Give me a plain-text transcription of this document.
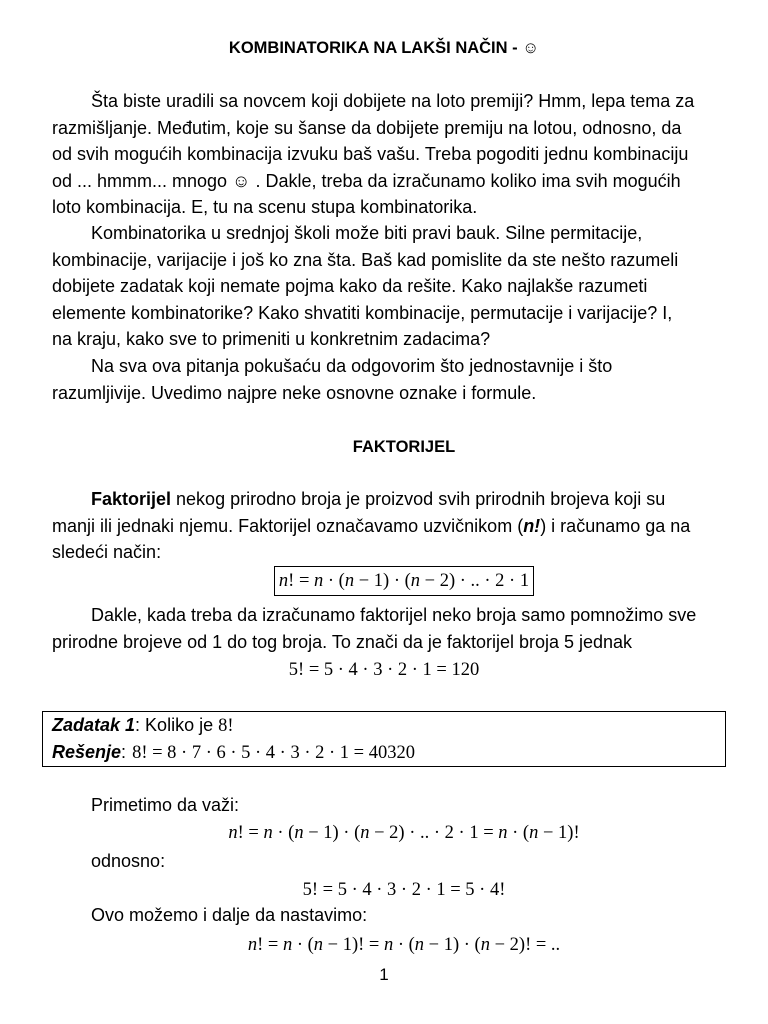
KOMBINATORIKA NA LAKŠI NAČIN - ☺
Šta biste uradili sa novcem koji dobijete na loto premiji? Hmm, lepa tema za
razmišljanje. Međutim, koje su šanse da dobijete premiju na lotou, odnosno, da
od svih mogućih kombinacija izvuku baš vašu. Treba pogoditi jednu kombinaciju
od ... hmmm... mnogo ☺ . Dakle, treba da izračunamo koliko ima svih mogućih
loto kombinacija. E, tu na scenu stupa kombinatorika.
Kombinatorika u srednjoj školi može biti pravi bauk. Silne permitacije,
kombinacije, varijacije i još ko zna šta. Baš kad pomislite da ste nešto razumeli
dobijete zadatak koji nemate pojma kako da rešite. Kako najlakše razumeti
elemente kombinatorike? Kako shvatiti kombinacije, permutacije i varijacije? I,
na kraju, kako sve to primeniti u konkretnim zadacima?
Na sva ova pitanja pokušaću da odgovorim što jednostavnije i što
razumljivije. Uvedimo najpre neke osnovne oznake i formule.
FAKTORIJEL
Faktorijel nekog prirodno broja je proizvod svih prirodnih brojeva koji su
manji ili jednaki njemu. Faktorijel označavamo uzvičnikom (n!) i računamo ga na
sledeći način:
n! = n · (n − 1) · (n − 2) · .. · 2 · 1
Dakle, kada treba da izračunamo faktorijel neko broja samo pomnožimo sve
prirodne brojeve od 1 do tog broja. To znači da je faktorijel broja 5 jednak
5! = 5 · 4 · 3 · 2 · 1 = 120
Zadatak 1: Koliko je 8!
Rešenje: 8! = 8 · 7 · 6 · 5 · 4 · 3 · 2 · 1 = 40320
Primetimo da važi:
n! = n · (n − 1) · (n − 2) · .. · 2 · 1 = n · (n − 1)!
odnosno:
5! = 5 · 4 · 3 · 2 · 1 = 5 · 4!
Ovo možemo i dalje da nastavimo:
n! = n · (n − 1)! = n · (n − 1) · (n − 2)! = ..
1
